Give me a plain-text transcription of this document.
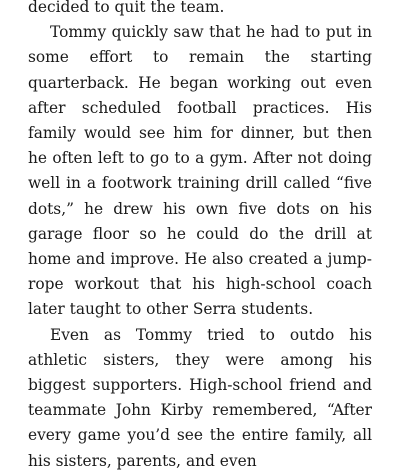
decided to quit the team.

Tommy quickly saw that he had to put in some effort to remain the starting quarterback. He began working out even after scheduled football practices. His family would see him for dinner, but then he often left to go to a gym. After not doing well in a footwork training drill called “five dots,” he drew his own five dots on his garage floor so he could do the drill at home and improve. He also created a jump-rope workout that his high-school coach later taught to other Serra students.

Even as Tommy tried to outdo his athletic sisters, they were among his biggest supporters. High-school friend and teammate John Kirby remembered, “After every game you’d see the entire family, all his sisters, parents, and even
